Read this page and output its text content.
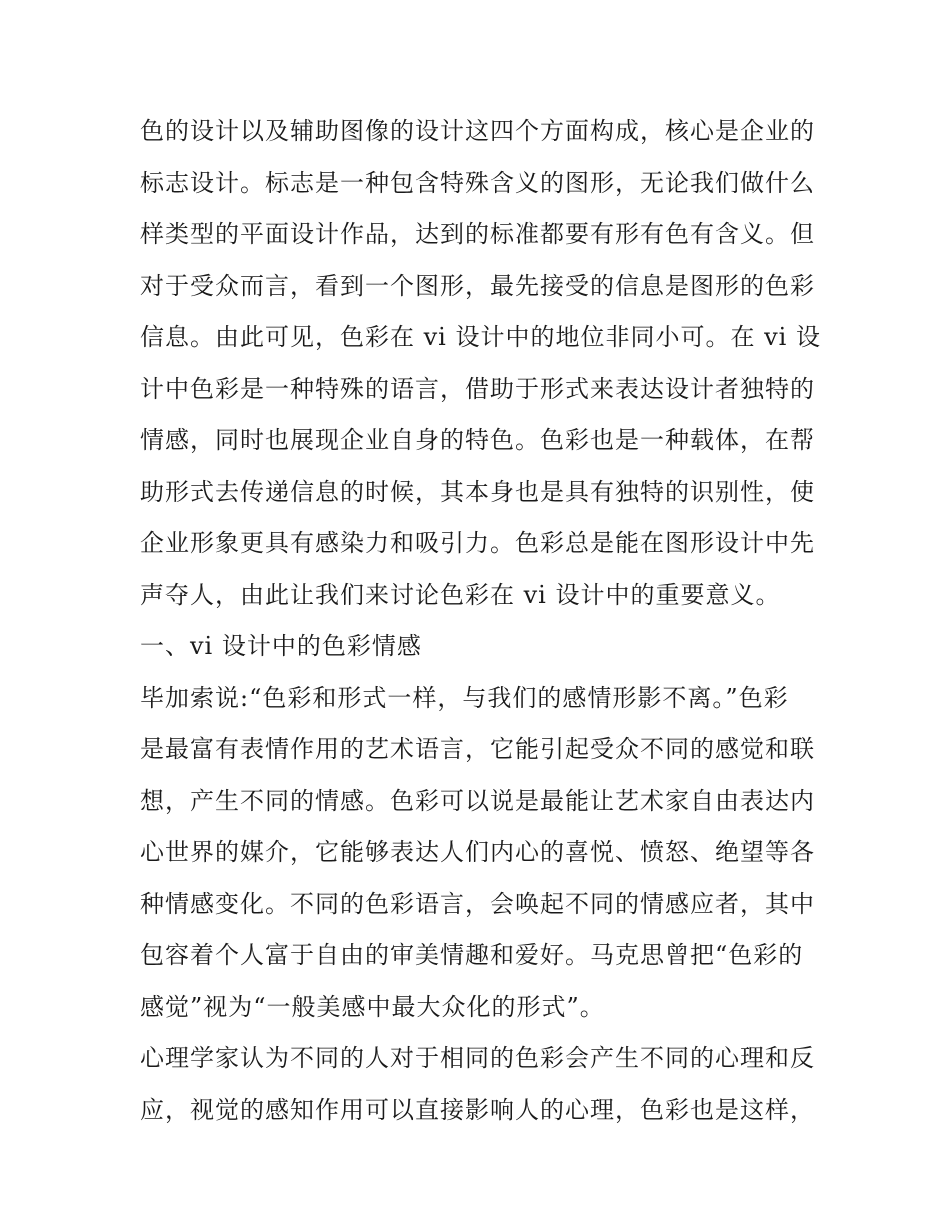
色的设计以及辅助图像的设计这四个方面构成，核心是企业的
标志设计。标志是一种包含特殊含义的图形，无论我们做什么
样类型的平面设计作品，达到的标准都要有形有色有含义。但
对于受众而言，看到一个图形，最先接受的信息是图形的色彩
信息。由此可见，色彩在 vi 设计中的地位非同小可。在 vi 设
计中色彩是一种特殊的语言，借助于形式来表达设计者独特的
情感，同时也展现企业自身的特色。色彩也是一种载体，在帮
助形式去传递信息的时候，其本身也是具有独特的识别性，使
企业形象更具有感染力和吸引力。色彩总是能在图形设计中先
声夺人，由此让我们来讨论色彩在 vi 设计中的重要意义。
一、vi 设计中的色彩情感
毕加索说:“色彩和形式一样，与我们的感情形影不离。”色彩
是最富有表情作用的艺术语言，它能引起受众不同的感觉和联
想，产生不同的情感。色彩可以说是最能让艺术家自由表达内
心世界的媒介，它能够表达人们内心的喜悦、愤怒、绝望等各
种情感变化。不同的色彩语言，会唤起不同的情感应者，其中
包容着个人富于自由的审美情趣和爱好。马克思曾把“色彩的
感觉”视为“一般美感中最大众化的形式”。
心理学家认为不同的人对于相同的色彩会产生不同的心理和反
应，视觉的感知作用可以直接影响人的心理，色彩也是这样，
